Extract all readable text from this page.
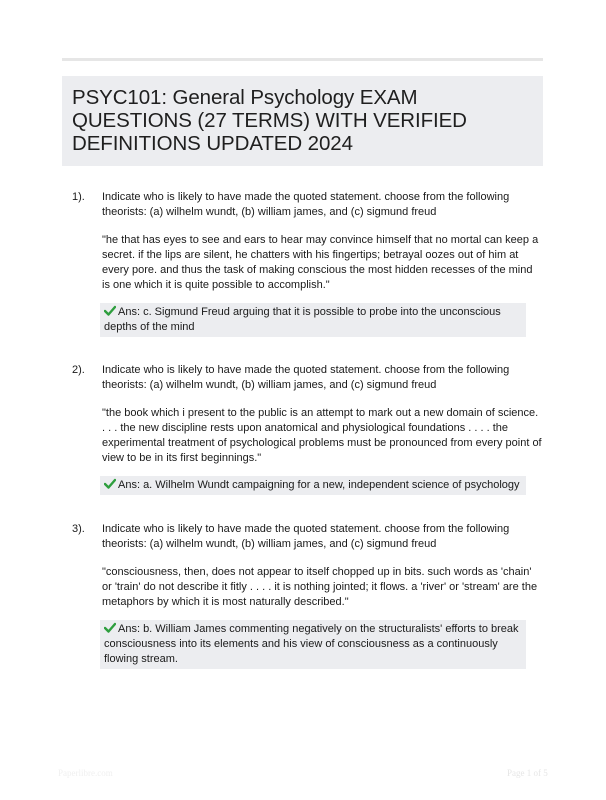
PSYC101: General Psychology EXAM
QUESTIONS (27 TERMS) WITH VERIFIED
DEFINITIONS UPDATED 2024
1). Indicate who is likely to have made the quoted statement. choose from the following theorists: (a) wilhelm wundt, (b) william james, and (c) sigmund freud

"he that has eyes to see and ears to hear may convince himself that no mortal can keep a secret. if the lips are silent, he chatters with his fingertips; betrayal oozes out of him at every pore. and thus the task of making conscious the most hidden recesses of the mind is one which it is quite possible to accomplish."

Ans: c. Sigmund Freud arguing that it is possible to probe into the unconscious depths of the mind
2). Indicate who is likely to have made the quoted statement. choose from the following theorists: (a) wilhelm wundt, (b) william james, and (c) sigmund freud

"the book which i present to the public is an attempt to mark out a new domain of science. . . . the new discipline rests upon anatomical and physiological foundations . . . . the experimental treatment of psychological problems must be pronounced from every point of view to be in its first beginnings."

Ans: a. Wilhelm Wundt campaigning for a new, independent science of psychology
3). Indicate who is likely to have made the quoted statement. choose from the following theorists: (a) wilhelm wundt, (b) william james, and (c) sigmund freud

"consciousness, then, does not appear to itself chopped up in bits. such words as 'chain' or 'train' do not describe it fitly . . . . it is nothing jointed; it flows. a 'river' or 'stream' are the metaphors by which it is most naturally described."

Ans: b. William James commenting negatively on the structuralists' efforts to break consciousness into its elements and his view of consciousness as a continuously flowing stream.
Paperlibre.com	Page 1 of 5
